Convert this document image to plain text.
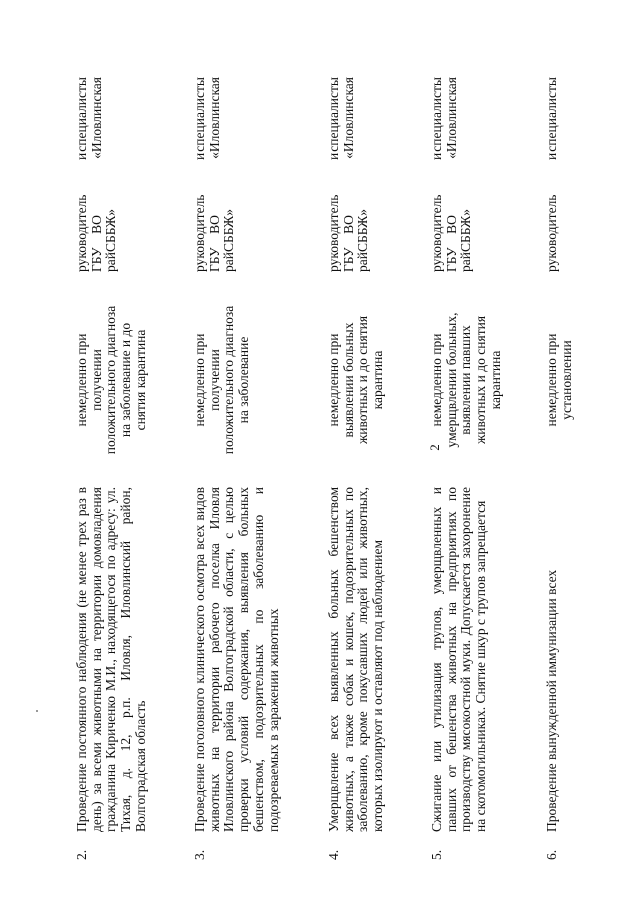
2
2.
Проведение постоянного наблюдения (не менее трех раз в день) за всеми животными на территории домовладения гражданина Кириченко М.И., находящегося по адресу: ул. Тихая, д. 12, р.п. Иловля, Иловлинский район, Волгоградская область
немедленно при получении положительного диагноза на заболевание и до снятия карантина
руководитель ГБУ    ВО райСББЖ»
и
специалисты «Иловлинская
3.
Проведение поголовного клинического осмотра всех видов животных на территории рабочего поселка Иловля Иловлинского района Волгоградской области, с целью проверки условий содержания, выявления больных бешенством, подозрительных по заболеванию и подозреваемых в заражении животных
немедленно при получении положительного диагноза на заболевание
руководитель ГБУ    ВО райСББЖ»
и
специалисты «Иловлинская
4.
Умерщвление всех выявленных больных бешенством животных, а также собак и кошек, подозрительных по заболеванию, кроме покусавших людей или животных, которых изолируют и оставляют под наблюдением
немедленно при выявлении больных животных и до снятия карантина
руководитель ГБУ    ВО райСББЖ»
и
специалисты «Иловлинская
5.
Сжигание или утилизация трупов, умерщвленных и павших от бешенства животных на предприятиях по производству мясокостной муки. Допускается захоронение на скотомогильниках. Снятие шкур с трупов запрещается
немедленно при умерщвлении больных, выявлении павших животных и до снятия карантина
руководитель ГБУ    ВО райСББЖ»
и
специалисты «Иловлинская
6.
Проведение вынужденной иммунизации всех
немедленно при установлении
руководитель
и
специалисты
